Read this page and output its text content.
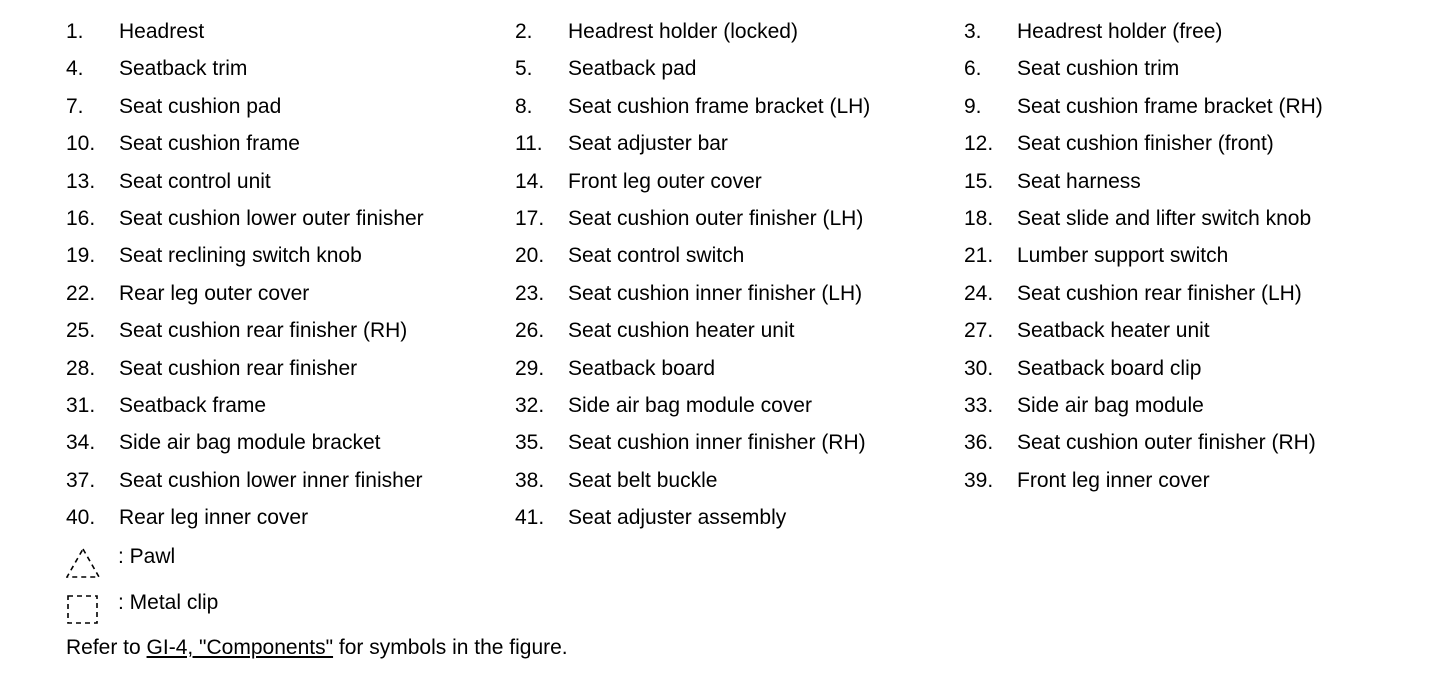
1. Headrest	2. Headrest holder (locked)	3. Headrest holder (free)
4. Seatback trim	5. Seatback pad	6. Seat cushion trim
7. Seat cushion pad	8. Seat cushion frame bracket (LH)	9. Seat cushion frame bracket (RH)
10. Seat cushion frame	11. Seat adjuster bar	12. Seat cushion finisher (front)
13. Seat control unit	14. Front leg outer cover	15. Seat harness
16. Seat cushion lower outer finisher	17. Seat cushion outer finisher (LH)	18. Seat slide and lifter switch knob
19. Seat reclining switch knob	20. Seat control switch	21. Lumber support switch
22. Rear leg outer cover	23. Seat cushion inner finisher (LH)	24. Seat cushion rear finisher (LH)
25. Seat cushion rear finisher (RH)	26. Seat cushion heater unit	27. Seatback heater unit
28. Seat cushion rear finisher	29. Seatback board	30. Seatback board clip
31. Seatback frame	32. Side air bag module cover	33. Side air bag module
34. Side air bag module bracket	35. Seat cushion inner finisher (RH)	36. Seat cushion outer finisher (RH)
37. Seat cushion lower inner finisher	38. Seat belt buckle	39. Front leg inner cover
40. Rear leg inner cover	41. Seat adjuster assembly
: Pawl
: Metal clip
Refer to GI-4, "Components" for symbols in the figure.
